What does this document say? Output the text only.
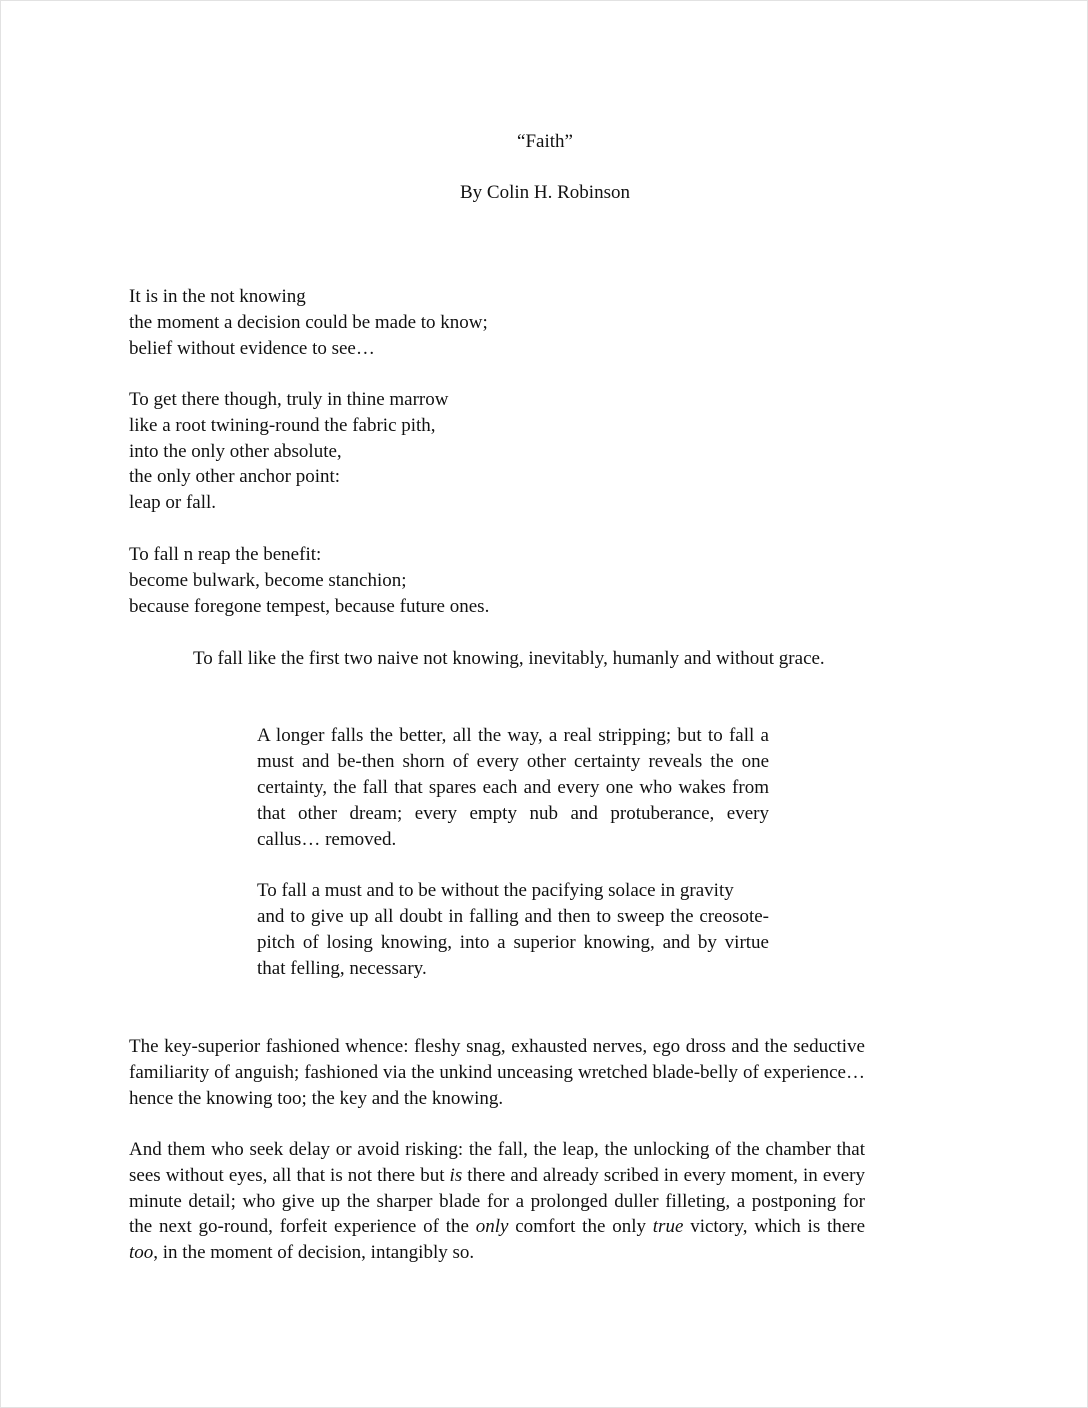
“Faith”
By Colin H. Robinson
It is in the not knowing
the moment a decision could be made to know;
belief without evidence to see…
To get there though, truly in thine marrow
like a root twining-round the fabric pith,
into the only other absolute,
the only other anchor point:
leap or fall.
To fall n reap the benefit:
become bulwark, become stanchion;
because foregone tempest, because future ones.
To fall like the first two naive not knowing, inevitably, humanly and without grace.
A longer falls the better, all the way, a real stripping; but to fall a must and be-then shorn of every other certainty reveals the one certainty, the fall that spares each and every one who wakes from that other dream; every empty nub and protuberance, every callus… removed.
To fall a must and to be without the pacifying solace in gravity
and to give up all doubt in falling and then to sweep the creosote-pitch of losing knowing, into a superior knowing, and by virtue that felling, necessary.
The key-superior fashioned whence: fleshy snag, exhausted nerves, ego dross and the seductive familiarity of anguish; fashioned via the unkind unceasing wretched blade-belly of experience… hence the knowing too; the key and the knowing.
And them who seek delay or avoid risking: the fall, the leap, the unlocking of the chamber that sees without eyes, all that is not there but is there and already scribed in every moment, in every minute detail; who give up the sharper blade for a prolonged duller filleting, a postponing for the next go-round, forfeit experience of the only comfort the only true victory, which is there too, in the moment of decision, intangibly so.
